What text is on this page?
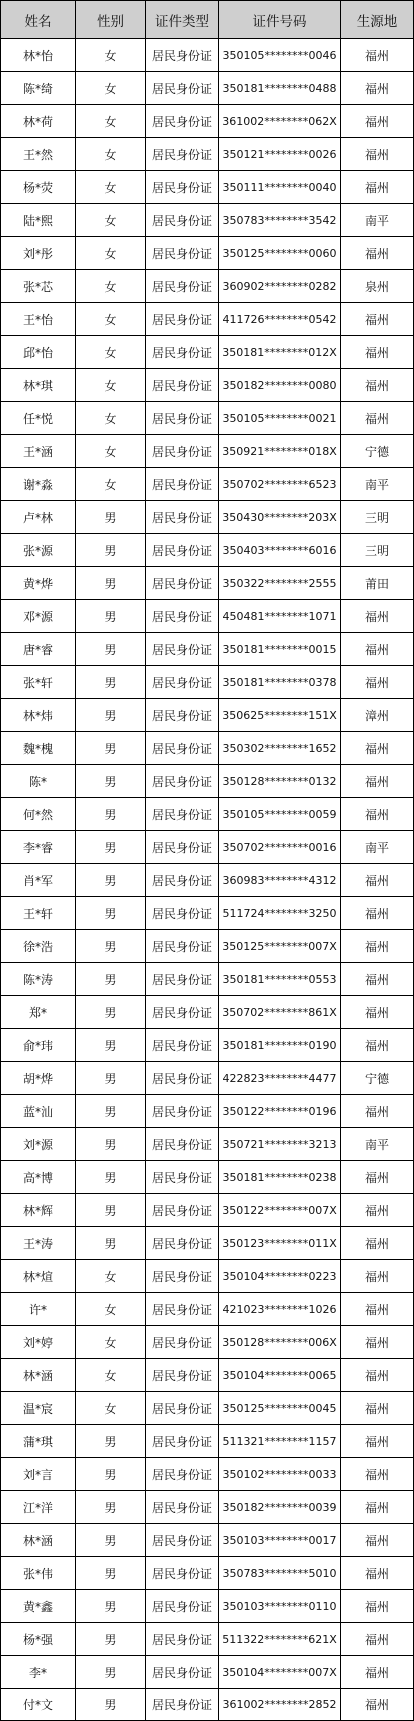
姓名	性别	证件类型	证件号码	生源地
林*怡	女	居民身份证	350105********0046	福州
陈*绮	女	居民身份证	350181********0488	福州
林*荷	女	居民身份证	361002********062X	福州
王*然	女	居民身份证	350121********0026	福州
杨*荧	女	居民身份证	350111********0040	福州
陆*熙	女	居民身份证	350783********3542	南平
刘*彤	女	居民身份证	350125********0060	福州
张*芯	女	居民身份证	360902********0282	泉州
王*怡	女	居民身份证	411726********0542	福州
邱*怡	女	居民身份证	350181********012X	福州
林*琪	女	居民身份证	350182********0080	福州
任*悦	女	居民身份证	350105********0021	福州
王*涵	女	居民身份证	350921********018X	宁德
谢*淼	女	居民身份证	350702********6523	南平
卢*林	男	居民身份证	350430********203X	三明
张*源	男	居民身份证	350403********6016	三明
黄*烨	男	居民身份证	350322********2555	莆田
邓*源	男	居民身份证	450481********1071	福州
唐*睿	男	居民身份证	350181********0015	福州
张*轩	男	居民身份证	350181********0378	福州
林*炜	男	居民身份证	350625********151X	漳州
魏*槐	男	居民身份证	350302********1652	福州
陈*	男	居民身份证	350128********0132	福州
何*然	男	居民身份证	350105********0059	福州
李*睿	男	居民身份证	350702********0016	南平
肖*军	男	居民身份证	360983********4312	福州
王*轩	男	居民身份证	511724********3250	福州
徐*浩	男	居民身份证	350125********007X	福州
陈*涛	男	居民身份证	350181********0553	福州
郑*	男	居民身份证	350702********861X	福州
俞*玮	男	居民身份证	350181********0190	福州
胡*烨	男	居民身份证	422823********4477	宁德
蓝*汕	男	居民身份证	350122********0196	福州
刘*源	男	居民身份证	350721********3213	南平
高*博	男	居民身份证	350181********0238	福州
林*辉	男	居民身份证	350122********007X	福州
王*涛	男	居民身份证	350123********011X	福州
林*煊	女	居民身份证	350104********0223	福州
许*	女	居民身份证	421023********1026	福州
刘*婷	女	居民身份证	350128********006X	福州
林*涵	女	居民身份证	350104********0065	福州
温*宸	女	居民身份证	350125********0045	福州
蒲*琪	男	居民身份证	511321********1157	福州
刘*言	男	居民身份证	350102********0033	福州
江*洋	男	居民身份证	350182********0039	福州
林*涵	男	居民身份证	350103********0017	福州
张*伟	男	居民身份证	350783********5010	福州
黄*鑫	男	居民身份证	350103********0110	福州
杨*强	男	居民身份证	511322********621X	福州
李*	男	居民身份证	350104********007X	福州
付*文	男	居民身份证	361002********2852	福州
